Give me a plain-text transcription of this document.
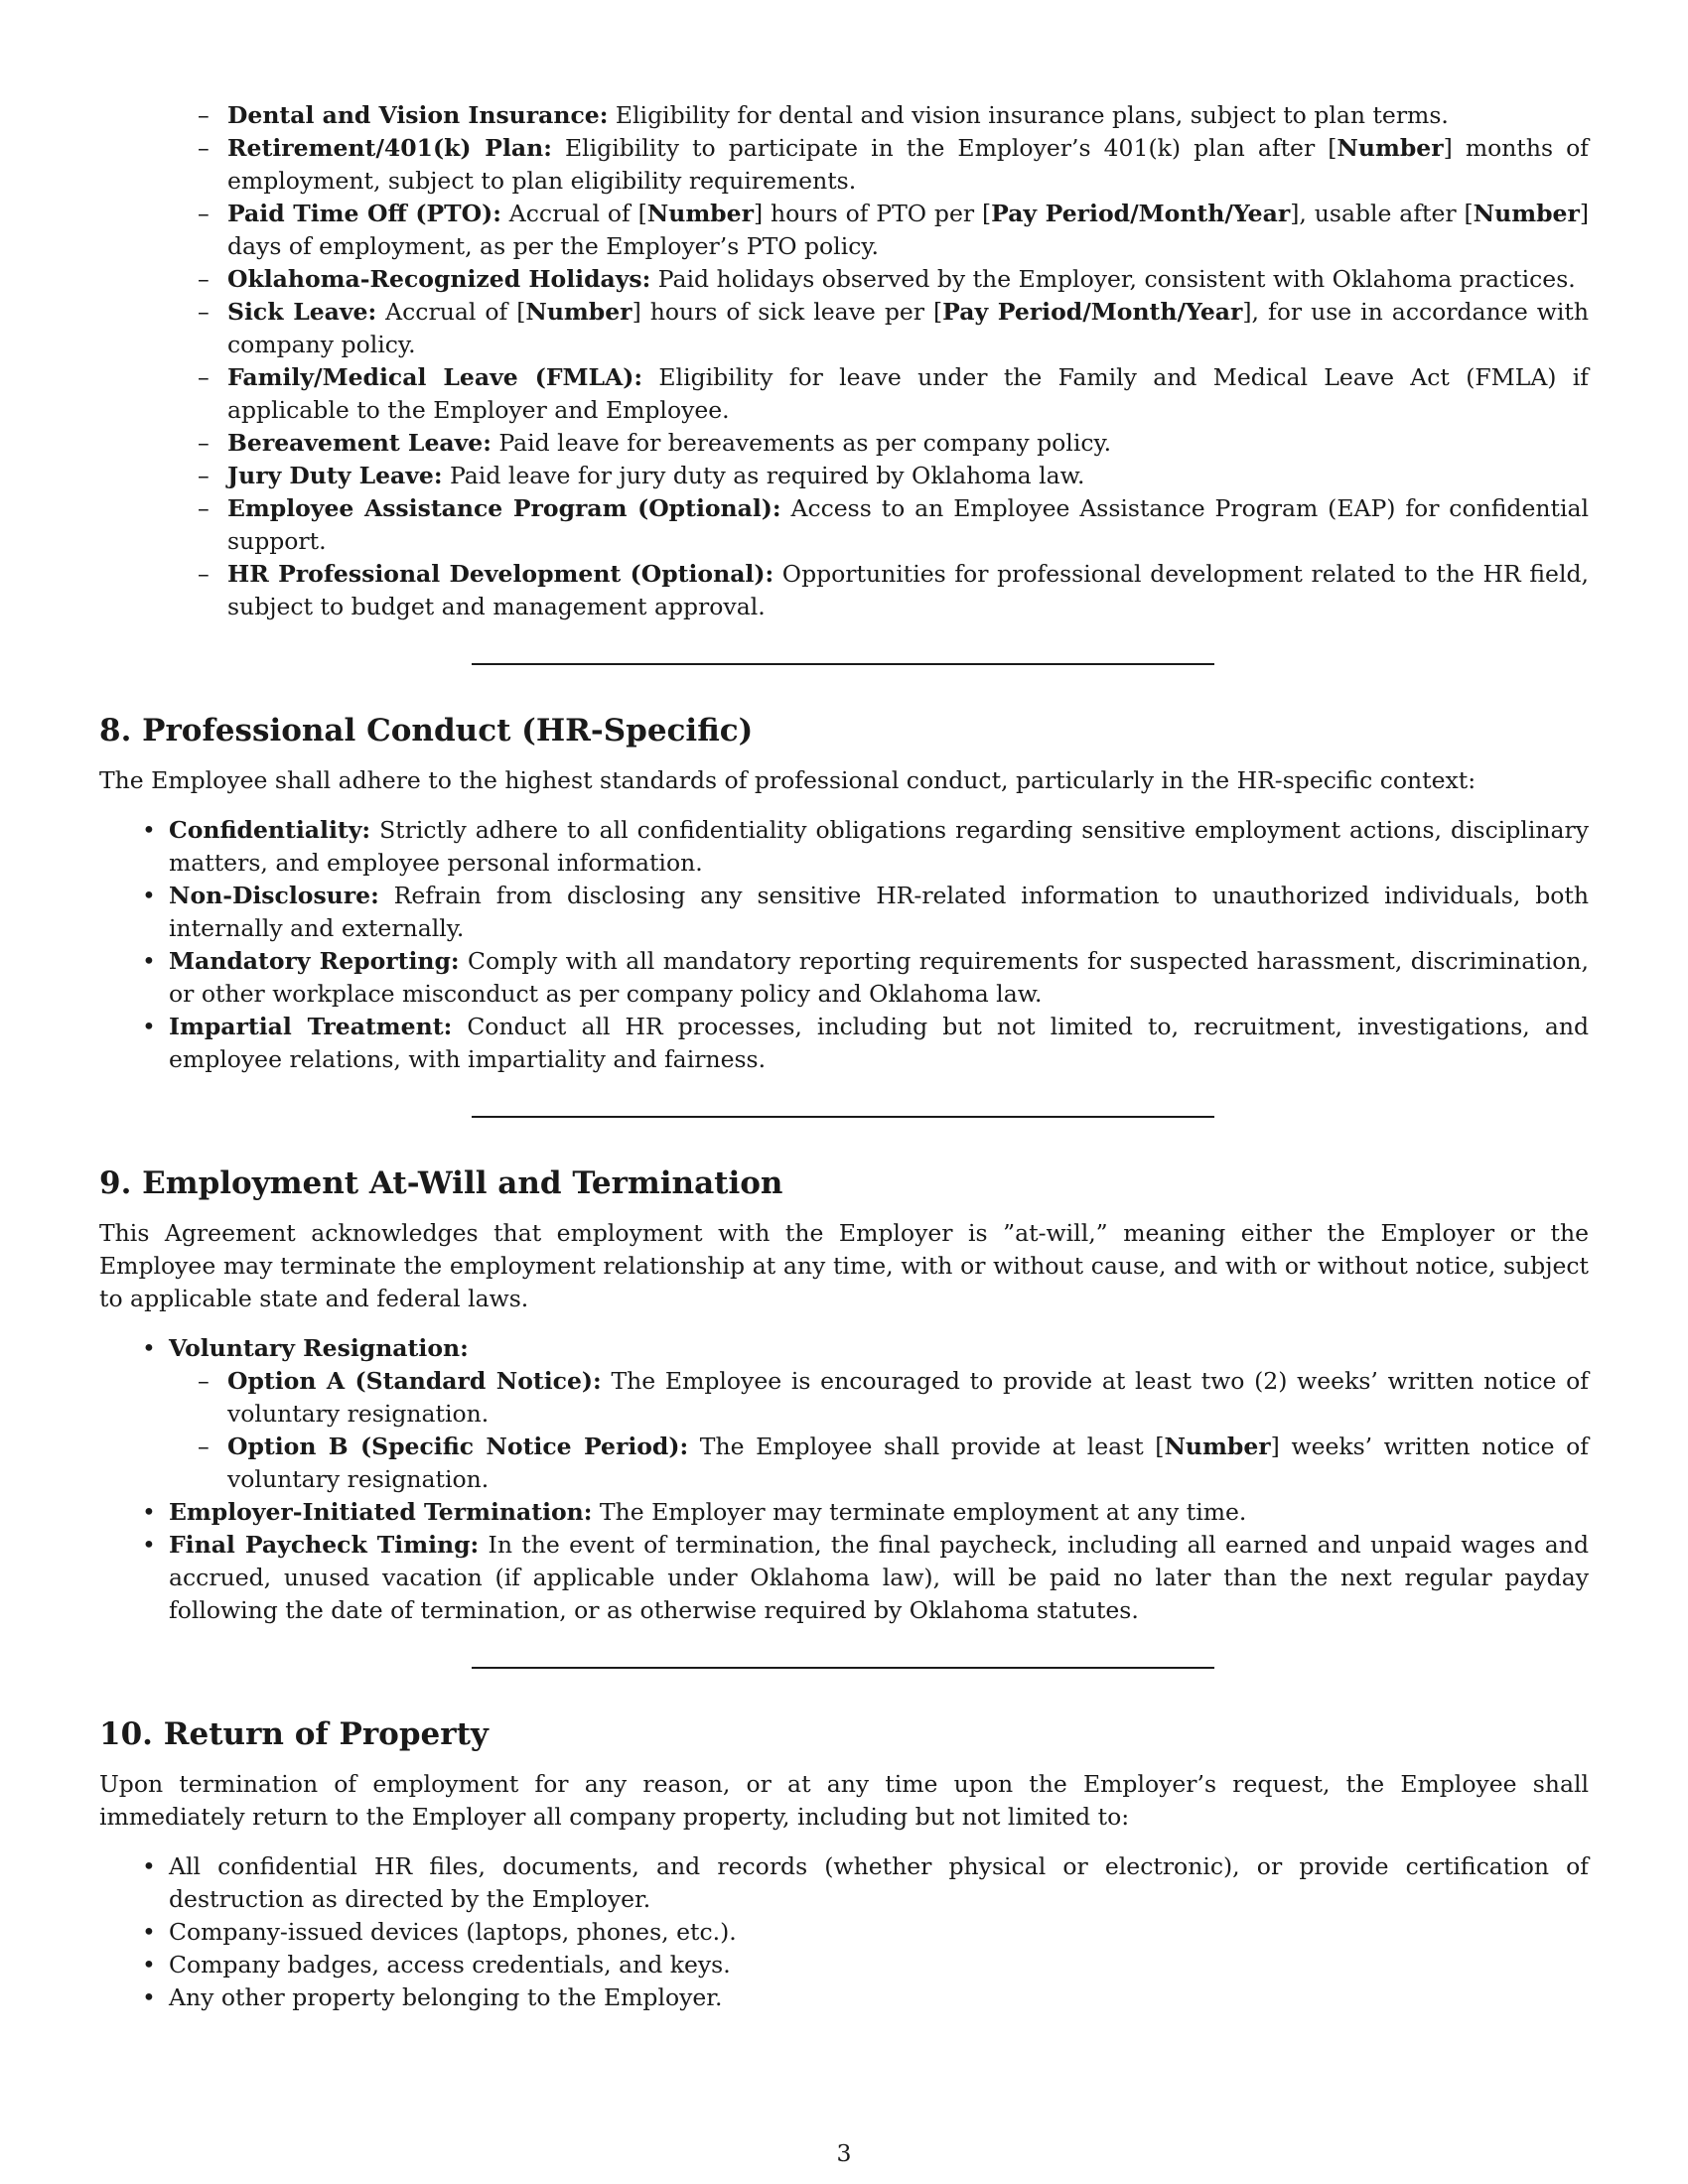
– Dental and Vision Insurance: Eligibility for dental and vision insurance plans, subject to plan terms.
– Retirement/401(k) Plan: Eligibility to participate in the Employer’s 401(k) plan after [Number] months of employment, subject to plan eligibility requirements.
– Paid Time Off (PTO): Accrual of [Number] hours of PTO per [Pay Period/Month/Year], usable after [Number] days of employment, as per the Employer’s PTO policy.
– Oklahoma-Recognized Holidays: Paid holidays observed by the Employer, consistent with Oklahoma practices.
– Sick Leave: Accrual of [Number] hours of sick leave per [Pay Period/Month/Year], for use in accordance with company policy.
– Family/Medical Leave (FMLA): Eligibility for leave under the Family and Medical Leave Act (FMLA) if applicable to the Employer and Employee.
– Bereavement Leave: Paid leave for bereavements as per company policy.
– Jury Duty Leave: Paid leave for jury duty as required by Oklahoma law.
– Employee Assistance Program (Optional): Access to an Employee Assistance Program (EAP) for confidential support.
– HR Professional Development (Optional): Opportunities for professional development related to the HR field, subject to budget and management approval.
8. Professional Conduct (HR-Specific)

The Employee shall adhere to the highest standards of professional conduct, particularly in the HR-specific context:

• Confidentiality: Strictly adhere to all confidentiality obligations regarding sensitive employment actions, disciplinary matters, and employee personal information.
• Non-Disclosure: Refrain from disclosing any sensitive HR-related information to unauthorized individuals, both internally and externally.
• Mandatory Reporting: Comply with all mandatory reporting requirements for suspected harassment, discrimination, or other workplace misconduct as per company policy and Oklahoma law.
• Impartial Treatment: Conduct all HR processes, including but not limited to, recruitment, investigations, and employee relations, with impartiality and fairness.
9. Employment At-Will and Termination

This Agreement acknowledges that employment with the Employer is ”at-will,” meaning either the Employer or the Employee may terminate the employment relationship at any time, with or without cause, and with or without notice, subject to applicable state and federal laws.

• Voluntary Resignation:
– Option A (Standard Notice): The Employee is encouraged to provide at least two (2) weeks’ written notice of voluntary resignation.
– Option B (Specific Notice Period): The Employee shall provide at least [Number] weeks’ written notice of voluntary resignation.
• Employer-Initiated Termination: The Employer may terminate employment at any time.
• Final Paycheck Timing: In the event of termination, the final paycheck, including all earned and unpaid wages and accrued, unused vacation (if applicable under Oklahoma law), will be paid no later than the next regular payday following the date of termination, or as otherwise required by Oklahoma statutes.
10. Return of Property

Upon termination of employment for any reason, or at any time upon the Employer’s request, the Employee shall immediately return to the Employer all company property, including but not limited to:

• All confidential HR files, documents, and records (whether physical or electronic), or provide certification of destruction as directed by the Employer.
• Company-issued devices (laptops, phones, etc.).
• Company badges, access credentials, and keys.
• Any other property belonging to the Employer.
3
